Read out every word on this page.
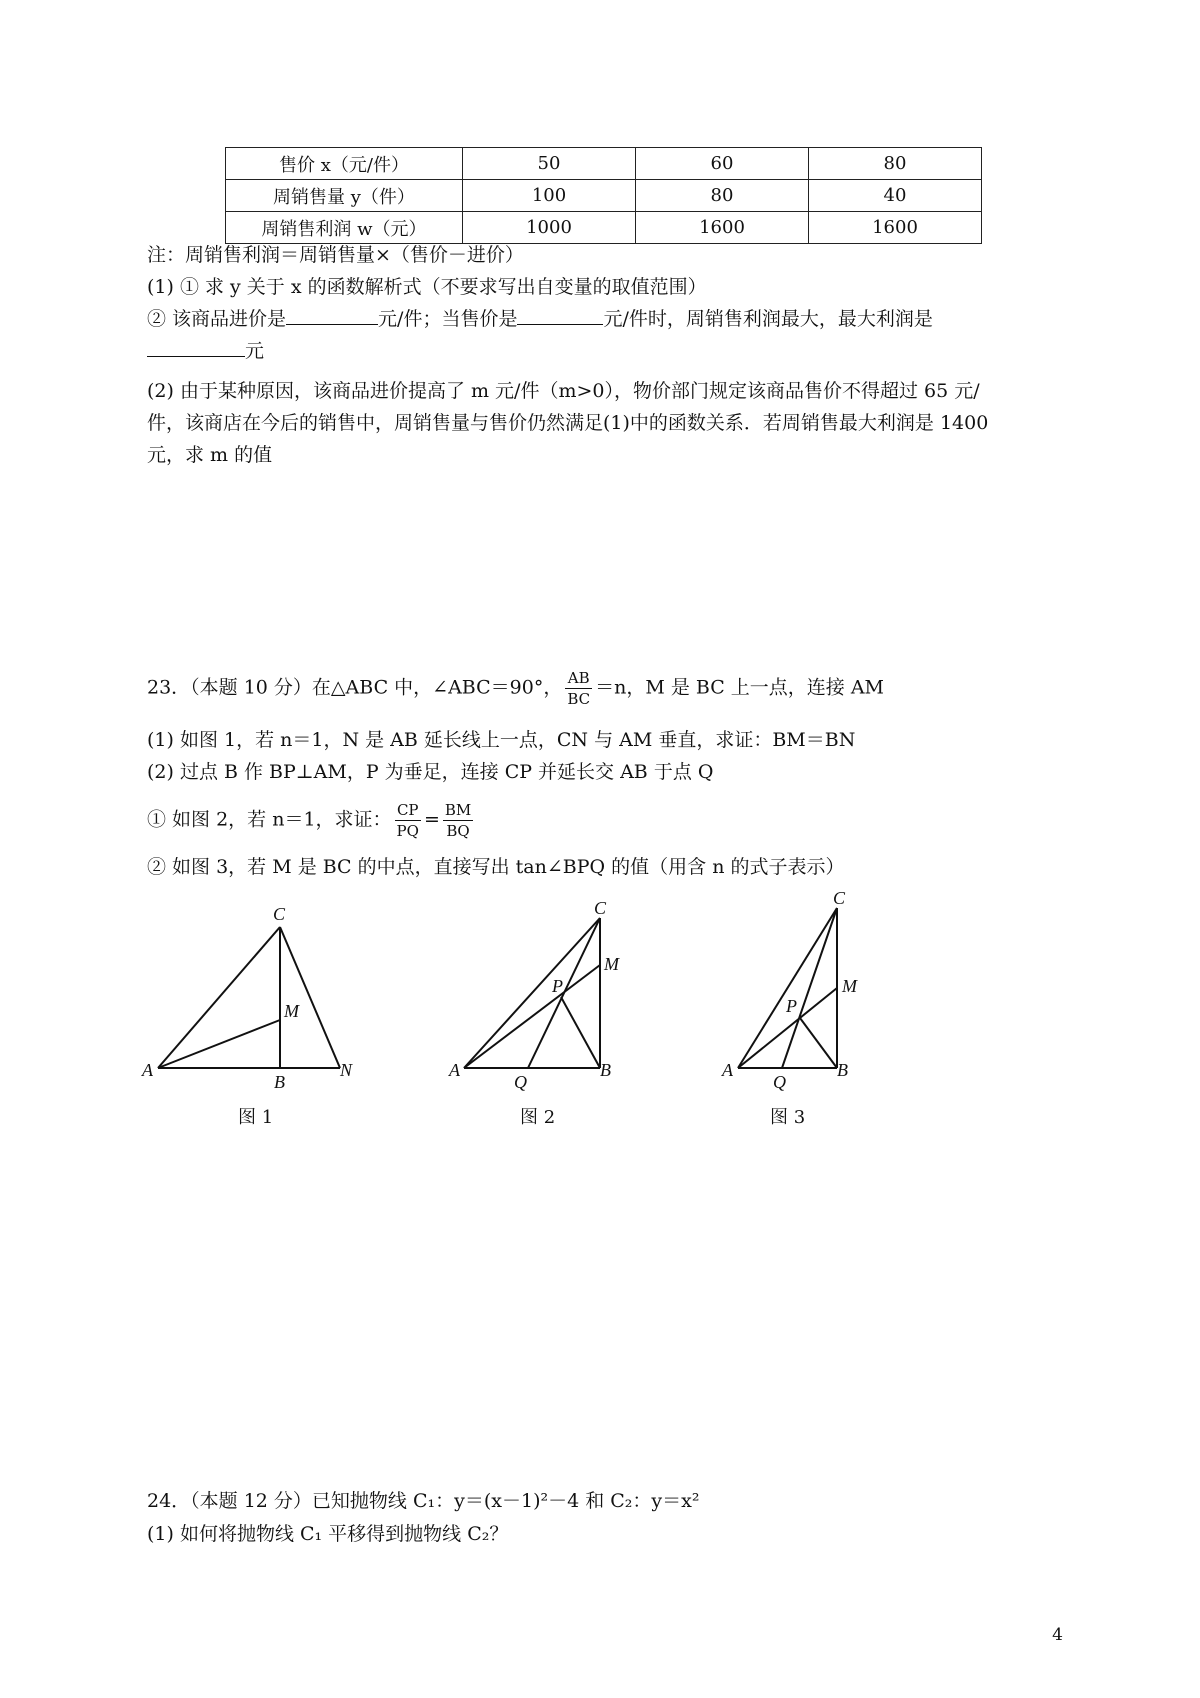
售价 x（元/件）	50	60	80
周销售量 y（件）	100	80	40
周销售利润 w（元）	1000	1600	1600
注：周销售利润＝周销售量×（售价－进价）
(1) ① 求 y 关于 x 的函数解析式（不要求写出自变量的取值范围）
② 该商品进价是	元/件；当售价是	元/件时，周销售利润最大，最大利润是
元
(2) 由于某种原因，该商品进价提高了 m 元/件（m>0），物价部门规定该商品售价不得超过 65 元/
件，该商店在今后的销售中，周销售量与售价仍然满足(1)中的函数关系．若周销售最大利润是 1400
元，求 m 的值
23．（本题 10 分）在△ABC 中，∠ABC＝90°， $\frac{AB}{BC} =n$，M 是 BC 上一点，连接 AM
(1) 如图 1，若 n＝1，N 是 AB 延长线上一点，CN 与 AM 垂直，求证：BM＝BN
(2) 过点 B 作 BP⊥AM，P 为垂足，连接 CP 并延长交 AB 于点 Q
① 如图 2，若 n＝1，求证： $\frac{CP}{PQ} = \frac{BM}{BQ}$
② 如图 3，若 M 是 BC 的中点，直接写出 tan∠BPQ 的值（用含 n 的式子表示）
C
M
A
B
N
图 1
C
M
P
A
Q
B
图 2
C
M
P
A
Q
B
图 3
24．（本题 12 分）已知抛物线 C₁：y＝(x－1)²－4 和 C₂：y＝x²
(1) 如何将抛物线 C₁ 平移得到抛物线 C₂？
4
